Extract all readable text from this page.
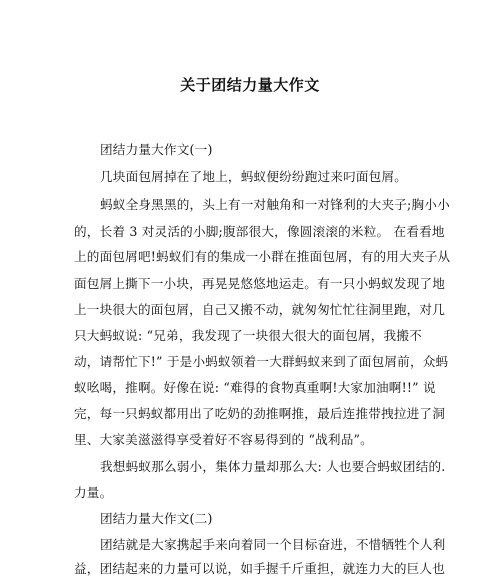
关于团结力量大作文
团结力量大作文(一)
几块面包屑掉在了地上，蚂蚁便纷纷跑过来叼面包屑。
蚂蚁全身黑黑的，头上有一对触角和一对锋利的大夹子;胸小小
的，长着 3 对灵活的小脚;腹部很大，像圆滚滚的米粒。 在看看地
上的面包屑吧!蚂蚁们有的集成一小群在推面包屑，有的用大夹子从
面包屑上撕下一小块，再晃晃悠悠地运走。有一只小蚂蚁发现了地
上一块很大的面包屑，自己又搬不动，就匆匆忙忙往洞里跑，对几
只大蚂蚁说: “兄弟，我发现了一块很大很大的面包屑，我搬不
动，请帮忙下!” 于是小蚂蚁领着一大群蚂蚁来到了面包屑前，众蚂
蚁吆喝，推啊。好像在说: “难得的食物真重啊!大家加油啊!!” 说
完，每一只蚂蚁都用出了吃奶的劲推啊推，最后连推带拽拉进了洞
里、大家美滋滋得享受着好不容易得到的 “战利品”。
我想蚂蚁那么弱小，集体力量却那么大: 人也要合蚂蚁团结的.
力量。
团结力量大作文(二)
团结就是大家携起手来向着同一个目标奋进，不惜牺牲个人利
益，团结起来的力量可以说，如手握千斤重担，就连力大的巨人也
